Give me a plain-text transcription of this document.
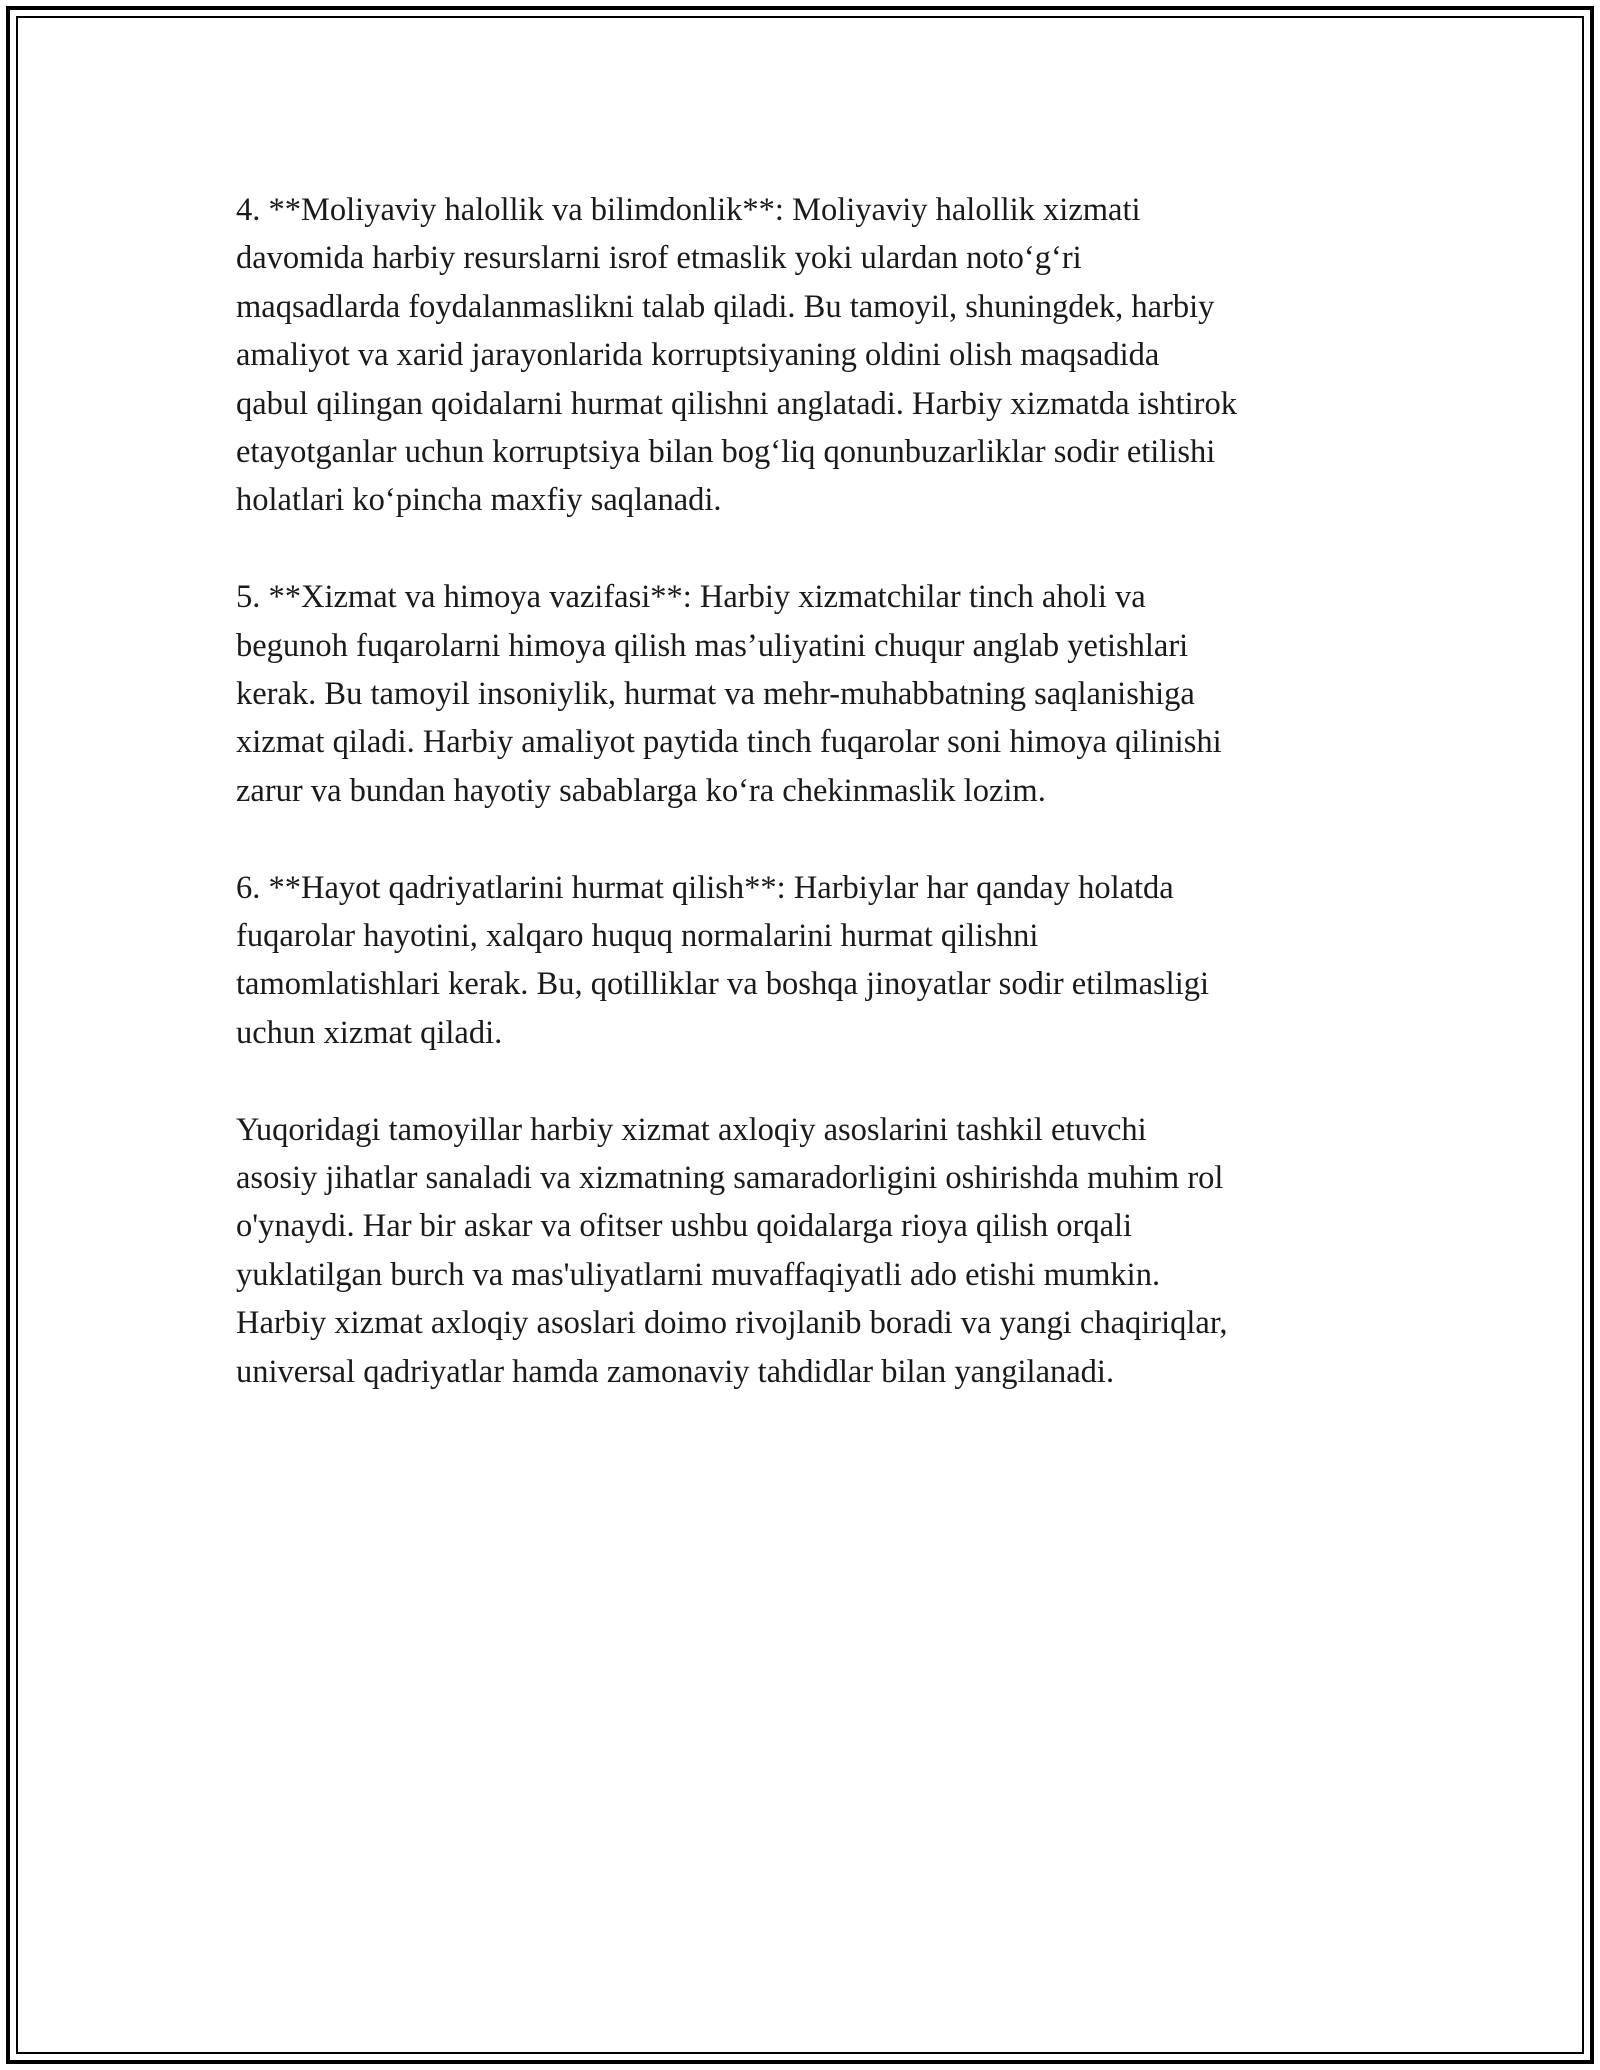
4. **Moliyaviy halollik va bilimdonlik**: Moliyaviy halollik xizmati
davomida harbiy resurslarni isrof etmaslik yoki ulardan noto‘g‘ri
maqsadlarda foydalanmaslikni talab qiladi. Bu tamoyil, shuningdek, harbiy
amaliyot va xarid jarayonlarida korruptsiyaning oldini olish maqsadida
qabul qilingan qoidalarni hurmat qilishni anglatadi. Harbiy xizmatda ishtirok
etayotganlar uchun korruptsiya bilan bog‘liq qonunbuzarliklar sodir etilishi
holatlari ko‘pincha maxfiy saqlanadi.

5. **Xizmat va himoya vazifasi**: Harbiy xizmatchilar tinch aholi va
begunoh fuqarolarni himoya qilish mas’uliyatini chuqur anglab yetishlari
kerak. Bu tamoyil insoniylik, hurmat va mehr-muhabbatning saqlanishiga
xizmat qiladi. Harbiy amaliyot paytida tinch fuqarolar soni himoya qilinishi
zarur va bundan hayotiy sabablarga ko‘ra chekinmaslik lozim.

6. **Hayot qadriyatlarini hurmat qilish**: Harbiylar har qanday holatda
fuqarolar hayotini, xalqaro huquq normalarini hurmat qilishni
tamomlatishlari kerak. Bu, qotilliklar va boshqa jinoyatlar sodir etilmasligi
uchun xizmat qiladi.

Yuqoridagi tamoyillar harbiy xizmat axloqiy asoslarini tashkil etuvchi
asosiy jihatlar sanaladi va xizmatning samaradorligini oshirishda muhim rol
o'ynaydi. Har bir askar va ofitser ushbu qoidalarga rioya qilish orqali
yuklatilgan burch va mas'uliyatlarni muvaffaqiyatli ado etishi mumkin.
Harbiy xizmat axloqiy asoslari doimo rivojlanib boradi va yangi chaqiriqlar,
universal qadriyatlar hamda zamonaviy tahdidlar bilan yangilanadi.
